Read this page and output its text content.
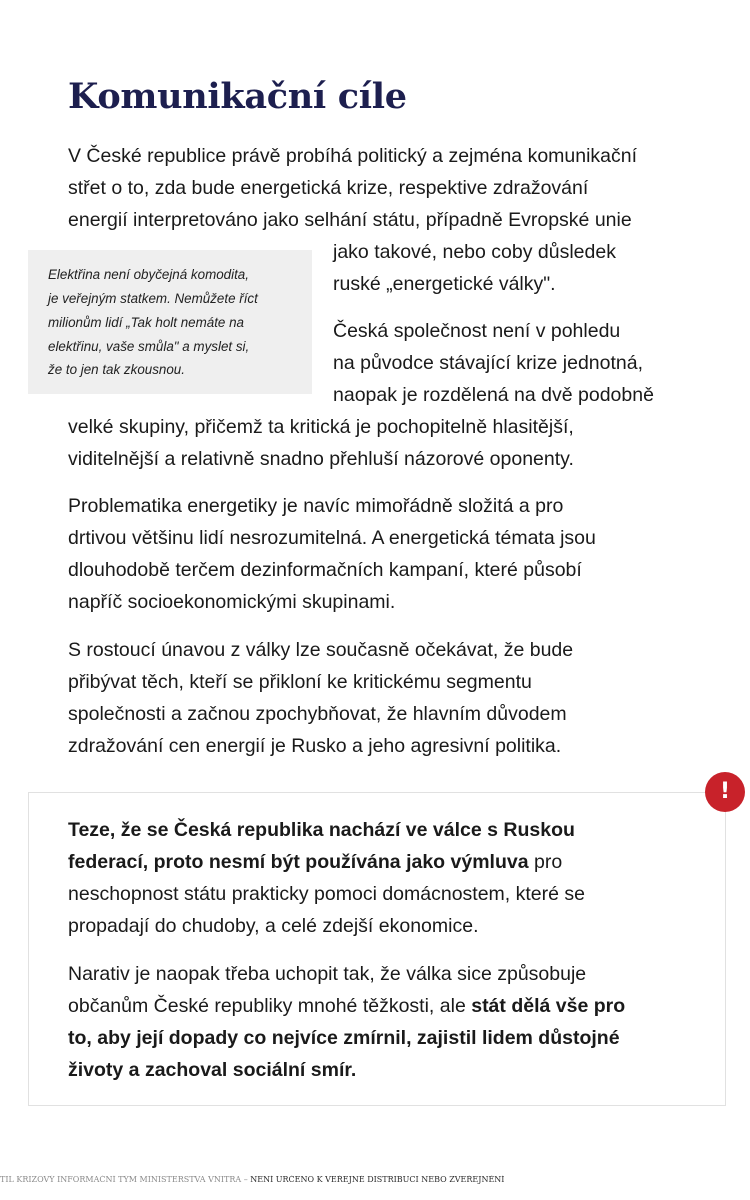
Komunikační cíle
V České republice právě probíhá politický a zejména komunikační
střet o to, zda bude energetická krize, respektive zdražování
energií interpretováno jako selhání státu, případně Evropské unie
jako takové, nebo coby důsledek
ruské „energetické války".
Elektřina není obyčejná komodita,
je veřejným statkem. Nemůžete říct
milionům lidí „Tak holt nemáte na
elektřinu, vaše smůla" a myslet si,
že to jen tak zkousnou.
Česká společnost není v pohledu
na původce stávající krize jednotná,
naopak je rozdělená na dvě podobně
velké skupiny, přičemž ta kritická je pochopitelně hlasitější,
viditelnější a relativně snadno přehluší názorové oponenty.
Problematika energetiky je navíc mimořádně složitá a pro
drtivou většinu lidí nesrozumitelná. A energetická témata jsou
dlouhodobě terčem dezinformačních kampaní, které působí
napříč socioekonomickými skupinami.
S rostoucí únavou z války lze současně očekávat, že bude
přibývat těch, kteří se přikloní ke kritickému segmentu
společnosti a začnou zpochybňovat, že hlavním důvodem
zdražování cen energií je Rusko a jeho agresivní politika.
Teze, že se Česká republika nachází ve válce s Ruskou
federací, proto nesmí být používána jako výmluva pro
neschopnost státu prakticky pomoci domácnostem, které se
propadají do chudoby, a celé zdejší ekonomice.
Narativ je naopak třeba uchopit tak, že válka sice způsobuje
občanům České republiky mnohé těžkosti, ale stát dělá vše pro
to, aby její dopady co nejvíce zmírnil, zajistil lidem důstojné
životy a zachoval sociální smír.
!
TIL KRIZOVÝ INFORMAČNÍ TÝM MINISTERSTVA VNITRA – NENÍ URČENO K VEŘEJNÉ DISTRIBUCI NEBO ZVEŘEJNĚNÍ
